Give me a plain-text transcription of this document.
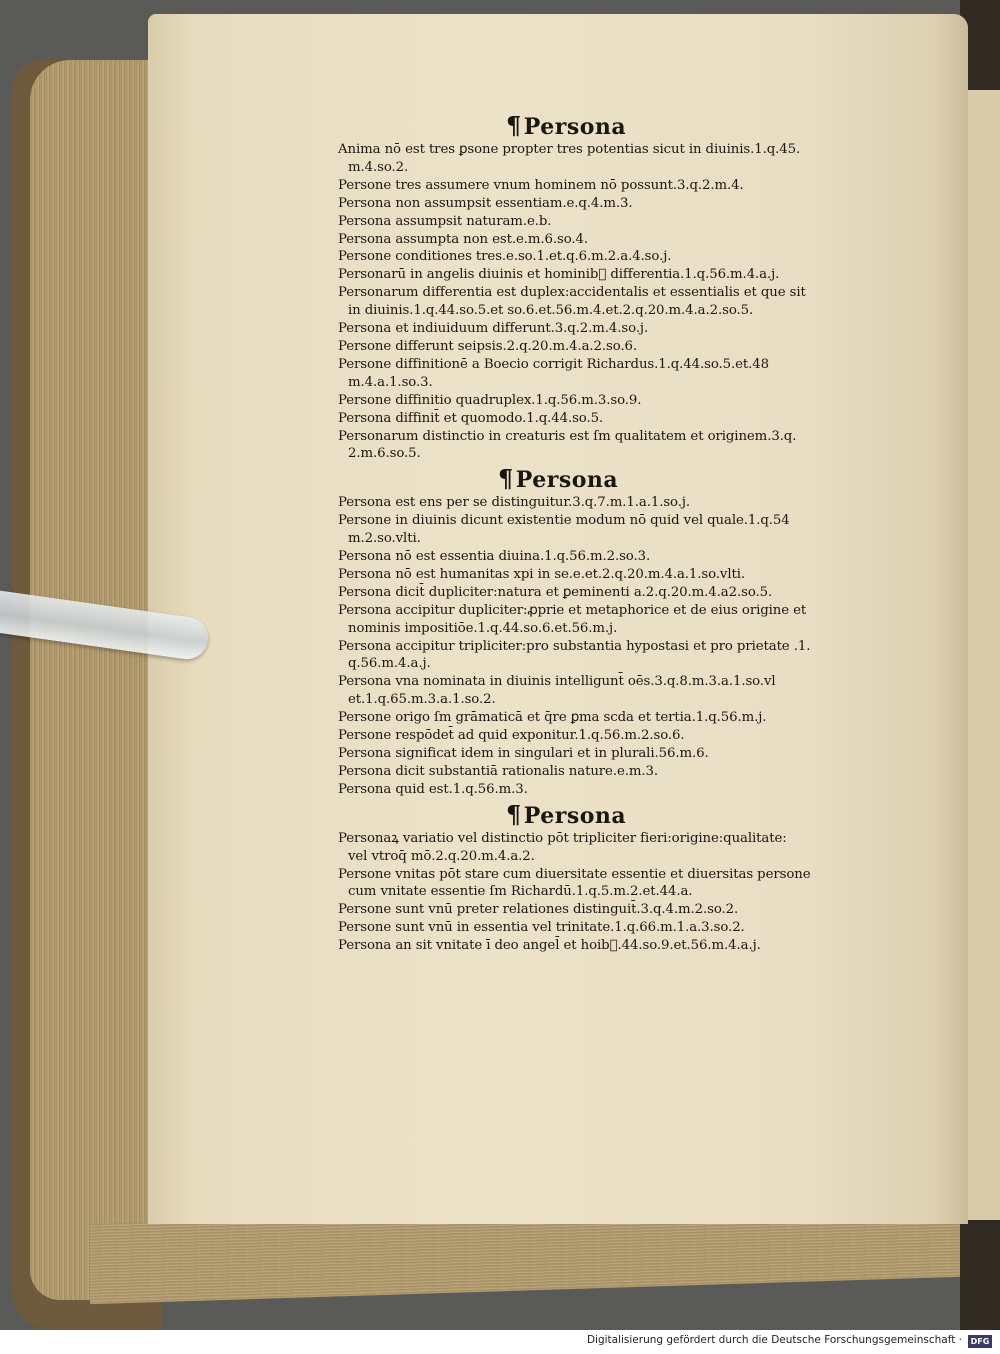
¶Persona
Anima nō est tres ꝑsone propter tres potentias sicut in diuinis.1.q.45.
m.4.so.2.
Persone tres assumere vnum hominem nō possunt.3.q.2.m.4.
Persona non assumpsit essentiam.e.q.4.m.3.
Persona assumpsit naturam.e.b.
Persona assumpta non est.e.m.6.so.4.
Persone conditiones tres.e.so.1.et.q.6.m.2.a.4.so.j.
Personarū in angelis diuinis et hominib᷒ differentia.1.q.56.m.4.a.j.
Personarum differentia est duplex:accidentalis et essentialis et que sit
in diuinis.1.q.44.so.5.et so.6.et.56.m.4.et.2.q.20.m.4.a.2.so.5.
Persona et indiuiduum differunt.3.q.2.m.4.so.j.
Persone differunt seipsis.2.q.20.m.4.a.2.so.6.
Persone diffinitionē a Boecio corrigit Richardus.1.q.44.so.5.et.48
m.4.a.1.so.3.
Persone diffinitio quadruplex.1.q.56.m.3.so.9.
Persona diffinit̄ et quomodo.1.q.44.so.5.
Personarum distinctio in creaturis est ſm qualitatem et originem.3.q.
2.m.6.so.5.
¶Persona
Persona est ens per se distinguitur.3.q.7.m.1.a.1.so.j.
Persone in diuinis dicunt existentie modum nō quid vel quale.1.q.54
m.2.so.vlti.
Persona nō est essentia diuina.1.q.56.m.2.so.3.
Persona nō est humanitas xpi in se.e.et.2.q.20.m.4.a.1.so.vlti.
Persona dicit̄ dupliciter:natura et ꝑeminenti a.2.q.20.m.4.a2.so.5.
Persona accipitur dupliciter:ꝓprie et metaphorice et de eius origine et
nominis impositiōe.1.q.44.so.6.et.56.m.j.
Persona accipitur tripliciter:pro substantia hypostasi et pro prietate .1.
q.56.m.4.a.j.
Persona vna nominata in diuinis intelligunt̄ oēs.3.q.8.m.3.a.1.so.vl
et.1.q.65.m.3.a.1.so.2.
Persone origo ſm grāmaticā et q̄re ꝑma scda et tertia.1.q.56.m.j.
Persone respōdet̄ ad quid exponitur.1.q.56.m.2.so.6.
Persona significat idem in singulari et in plurali.56.m.6.
Persona dicit substantiā rationalis nature.e.m.3.
Persona quid est.1.q.56.m.3.
¶Persona
Personaꝝ variatio vel distinctio pōt tripliciter fieri:origine:qualitate:
vel vtroq̄ mō.2.q.20.m.4.a.2.
Persone vnitas pōt stare cum diuersitate essentie et diuersitas persone
cum vnitate essentie ſm Richardū.1.q.5.m.2.et.44.a.
Persone sunt vnū preter relationes distinguit̄.3.q.4.m.2.so.2.
Persone sunt vnū in essentia vel trinitate.1.q.66.m.1.a.3.so.2.
Persona an sit vnitate ī deo angel̄ et hoib᷒.44.so.9.et.56.m.4.a.j.
Digitalisierung gefördert durch die Deutsche Forschungsgemeinschaft ·	DFG
